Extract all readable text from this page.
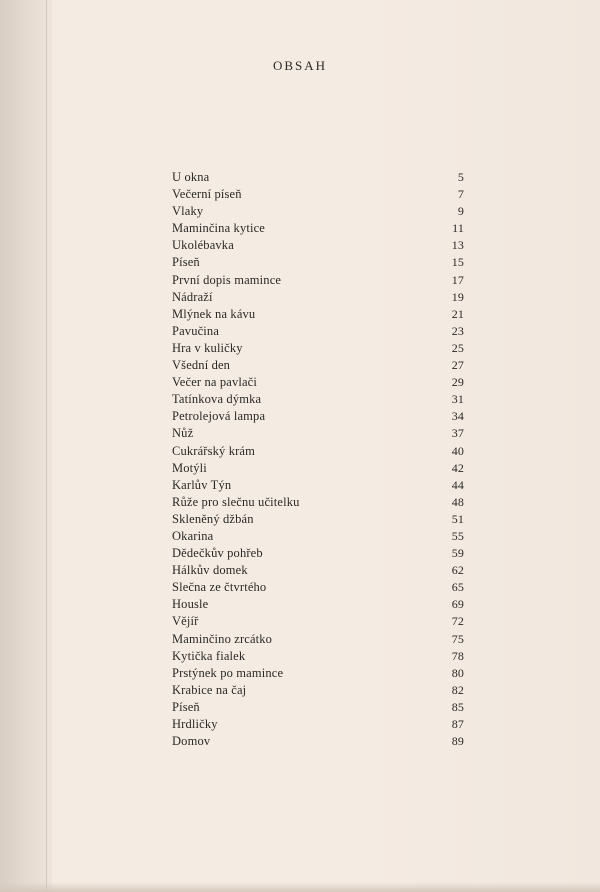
OBSAH
U okna	5
Večerní píseň	7
Vlaky	9
Maminčina kytice	11
Ukolébavka	13
Píseň	15
První dopis mamince	17
Nádraží	19
Mlýnek na kávu	21
Pavučina	23
Hra v kuličky	25
Všední den	27
Večer na pavlači	29
Tatínkova dýmka	31
Petrolejová lampa	34
Nůž	37
Cukrářský krám	40
Motýli	42
Karlův Týn	44
Růže pro slečnu učitelku	48
Skleněný džbán	51
Okarina	55
Dědečkův pohřeb	59
Hálkův domek	62
Slečna ze čtvrtého	65
Housle	69
Vějíř	72
Maminčino zrcátko	75
Kytička fialek	78
Prstýnek po mamince	80
Krabice na čaj	82
Píseň	85
Hrdličky	87
Domov	89
